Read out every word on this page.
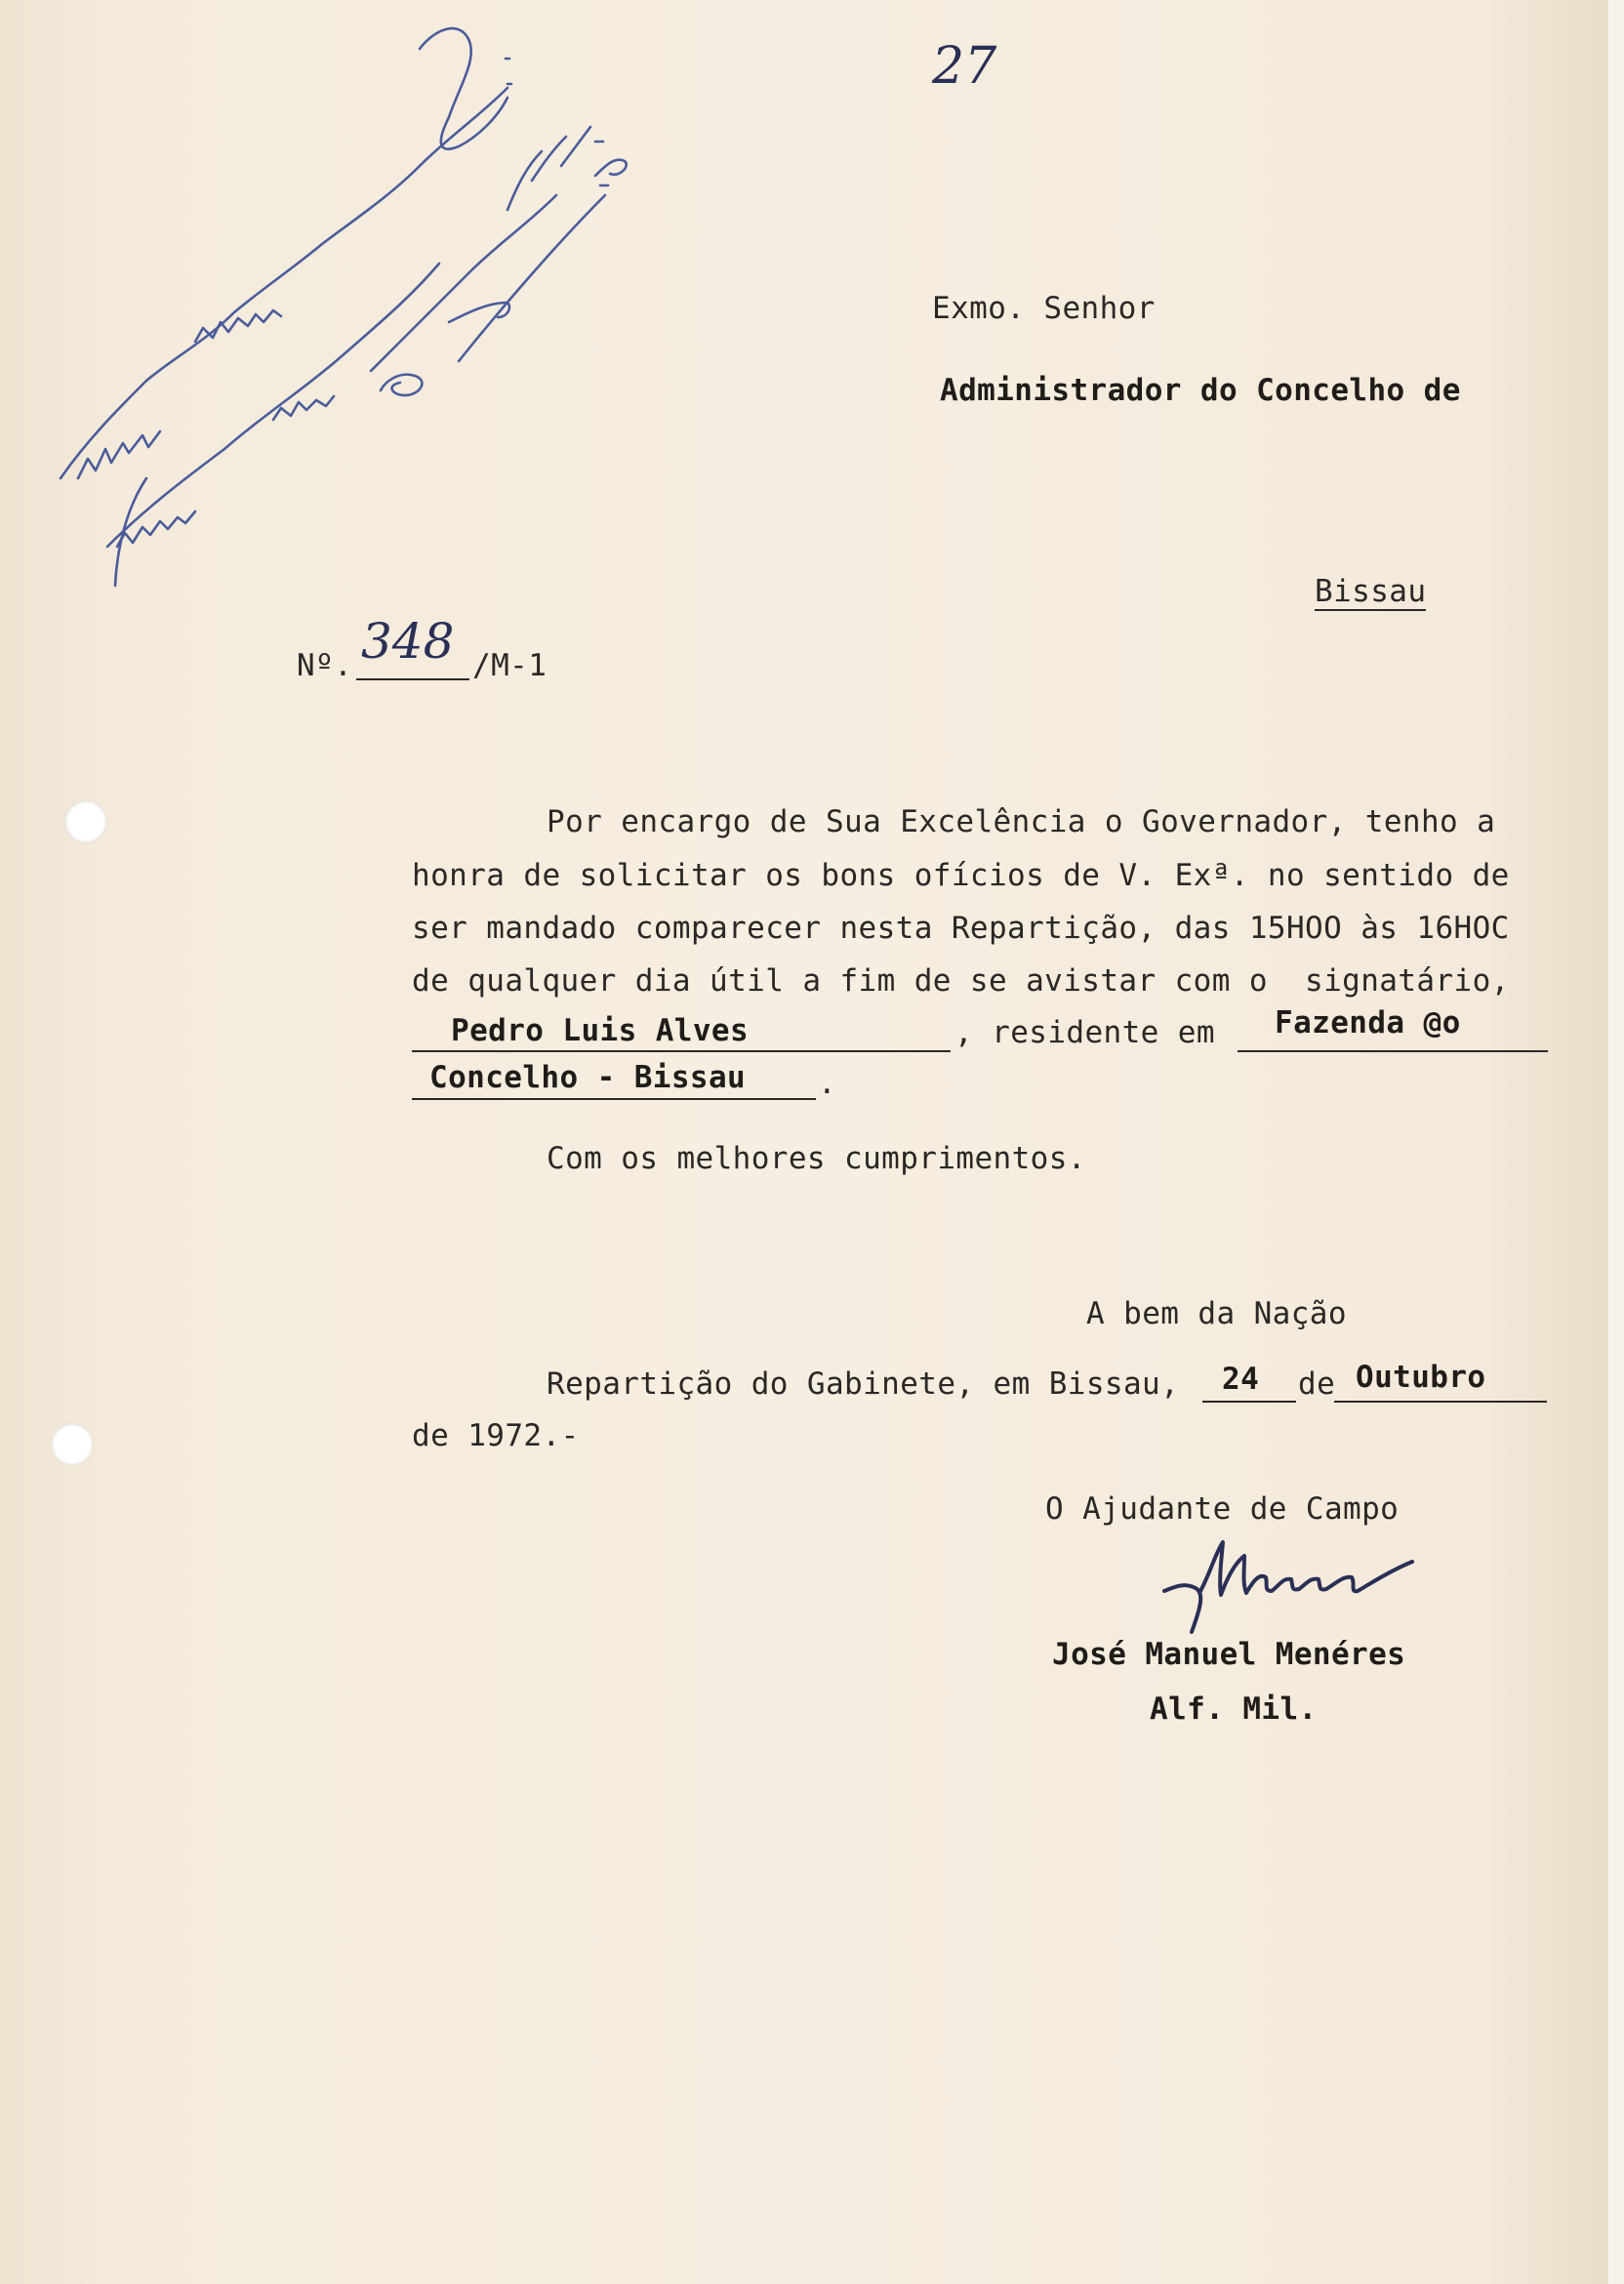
27
Exmo. Senhor
Administrador do Concelho de
Bissau
Nº. 348 /M-1
Por encargo de Sua Excelência o Governador, tenho a
honra de solicitar os bons ofícios de V. Exª. no sentido de
ser mandado comparecer nesta Repartição, das 15HOO às 16HOC
de qualquer dia útil a fim de se avistar com o  signatário,
Pedro Luis Alves	, residente em Fazenda @o
Concelho - Bissau .
Com os melhores cumprimentos.
A bem da Nação
Repartição do Gabinete, em Bissau, 24 de Outubro
de 1972.-
O Ajudante de Campo
José Manuel Menéres
Alf. Mil.
